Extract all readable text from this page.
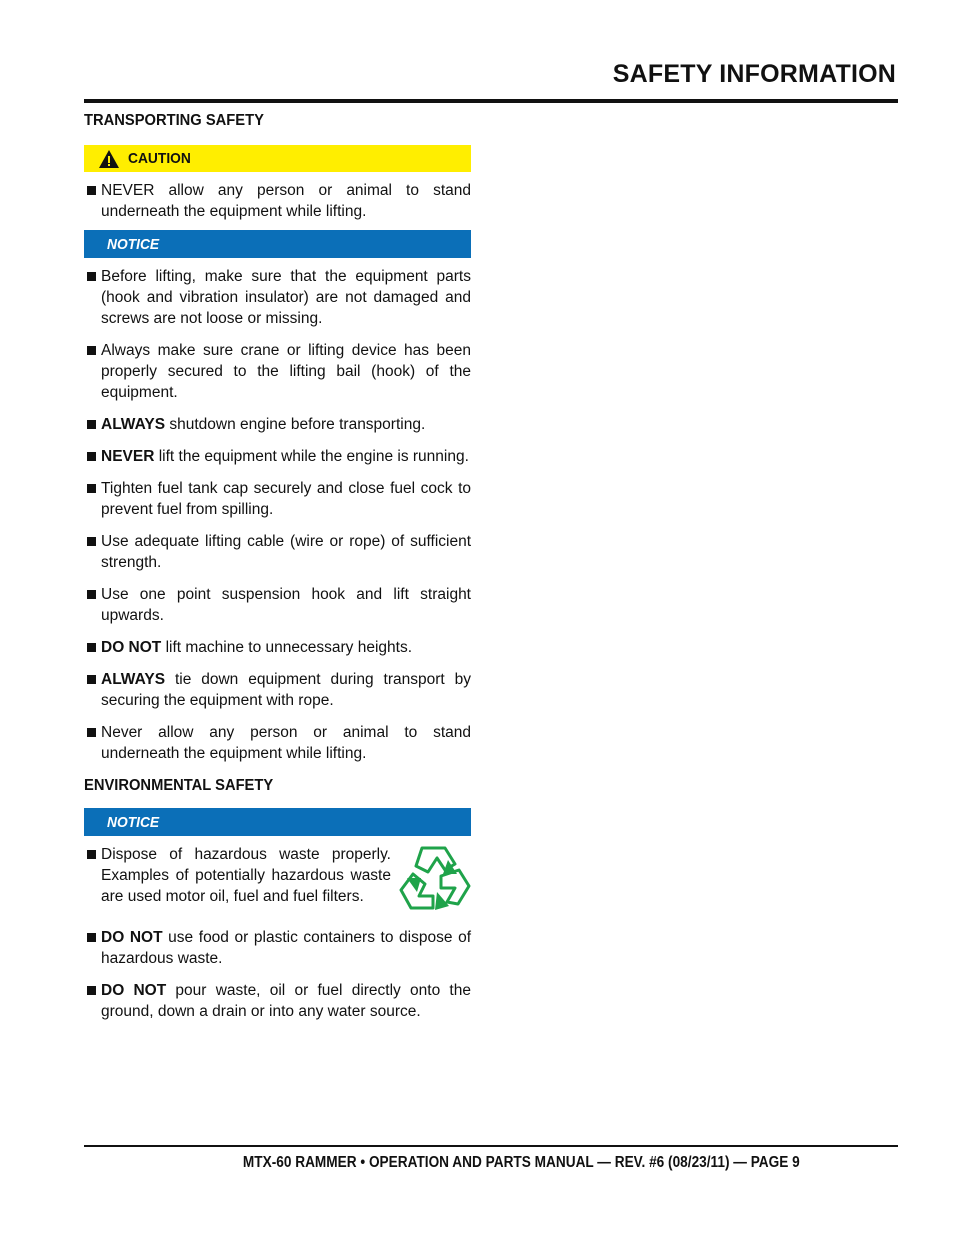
SAFETY INFORMATION
TRANSPORTING SAFETY
CAUTION
NEVER allow any person or animal to stand underneath the equipment while lifting.
NOTICE
Before lifting, make sure that the equipment parts (hook and vibration insulator) are not damaged and screws are not loose or missing.
Always make sure crane or lifting device has been properly secured to the lifting bail (hook) of the equipment.
ALWAYS shutdown engine before transporting.
NEVER lift the equipment while the engine is running.
Tighten fuel tank cap securely and close fuel cock to prevent fuel from spilling.
Use adequate lifting cable (wire or rope) of sufficient strength.
Use one point suspension hook and lift straight upwards.
DO NOT lift machine to unnecessary heights.
ALWAYS tie down equipment during transport by securing the equipment with rope.
Never allow any person or animal to stand underneath the equipment while lifting.
ENVIRONMENTAL SAFETY
NOTICE
Dispose of hazardous waste properly. Examples of potentially hazardous waste are used motor oil, fuel and fuel filters.
DO NOT use food or plastic containers to dispose of hazardous waste.
DO NOT pour waste, oil or fuel directly onto the ground, down a drain or into any water source.
MTX-60 RAMMER • OPERATION AND PARTS MANUAL — REV. #6 (08/23/11) — PAGE 9
